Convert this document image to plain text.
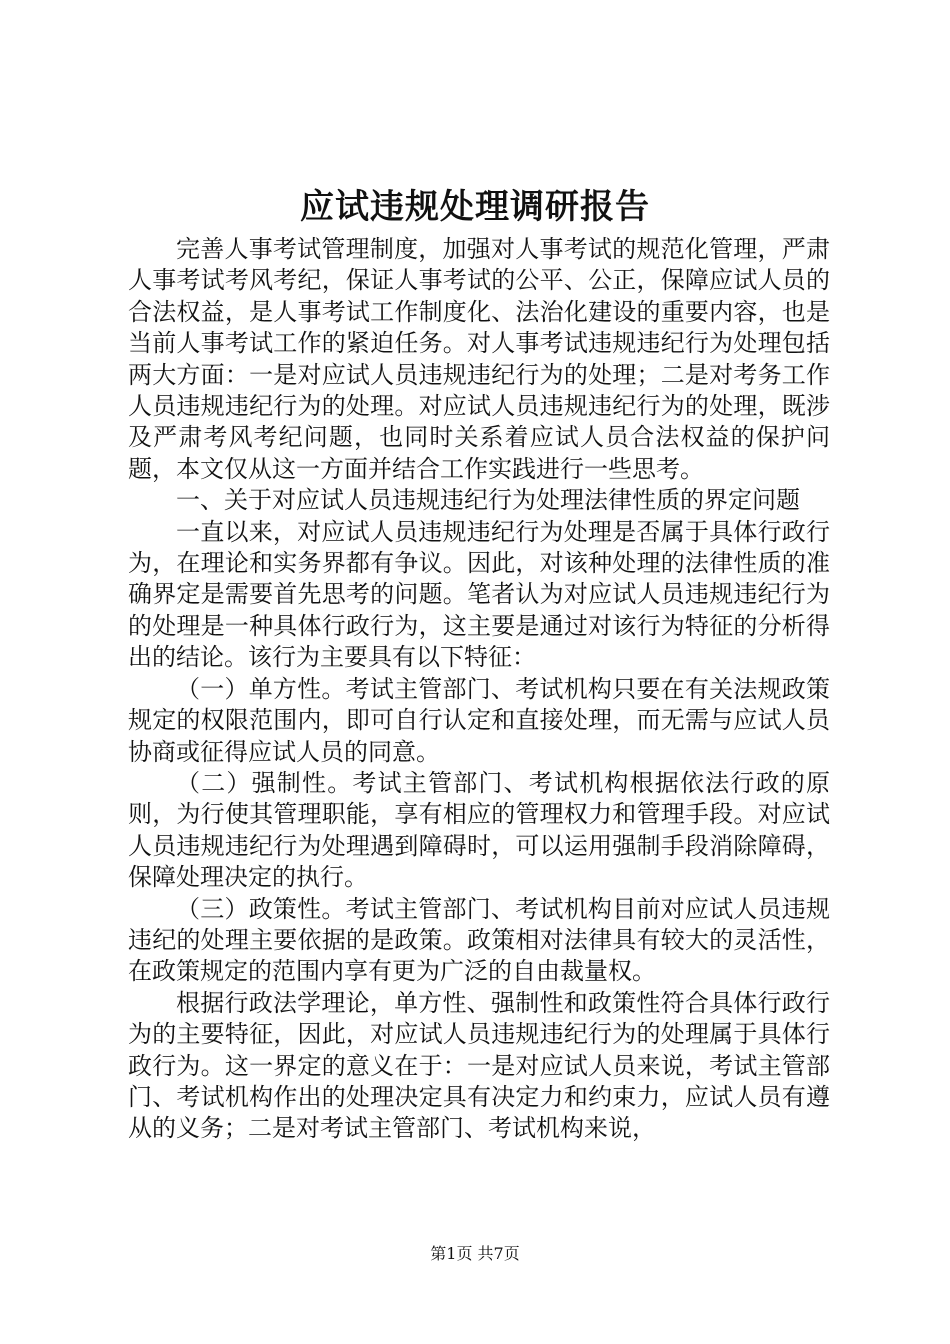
应试违规处理调研报告

完善人事考试管理制度，加强对人事考试的规范化管理，严肃人事考试考风考纪，保证人事考试的公平、公正，保障应试人员的合法权益，是人事考试工作制度化、法治化建设的重要内容，也是当前人事考试工作的紧迫任务。对人事考试违规违纪行为处理包括两大方面：一是对应试人员违规违纪行为的处理；二是对考务工作人员违规违纪行为的处理。对应试人员违规违纪行为的处理，既涉及严肃考风考纪问题，也同时关系着应试人员合法权益的保护问题，本文仅从这一方面并结合工作实践进行一些思考。

一、关于对应试人员违规违纪行为处理法律性质的界定问题

一直以来，对应试人员违规违纪行为处理是否属于具体行政行为，在理论和实务界都有争议。因此，对该种处理的法律性质的准确界定是需要首先思考的问题。笔者认为对应试人员违规违纪行为的处理是一种具体行政行为，这主要是通过对该行为特征的分析得出的结论。该行为主要具有以下特征：

（一）单方性。考试主管部门、考试机构只要在有关法规政策规定的权限范围内，即可自行认定和直接处理，而无需与应试人员协商或征得应试人员的同意。

（二）强制性。考试主管部门、考试机构根据依法行政的原则，为行使其管理职能，享有相应的管理权力和管理手段。对应试人员违规违纪行为处理遇到障碍时，可以运用强制手段消除障碍，保障处理决定的执行。

（三）政策性。考试主管部门、考试机构目前对应试人员违规违纪的处理主要依据的是政策。政策相对法律具有较大的灵活性，在政策规定的范围内享有更为广泛的自由裁量权。

根据行政法学理论，单方性、强制性和政策性符合具体行政行为的主要特征，因此，对应试人员违规违纪行为的处理属于具体行政行为。这一界定的意义在于：一是对应试人员来说，考试主管部门、考试机构作出的处理决定具有决定力和约束力，应试人员有遵从的义务；二是对考试主管部门、考试机构来说，

第1页 共7页
